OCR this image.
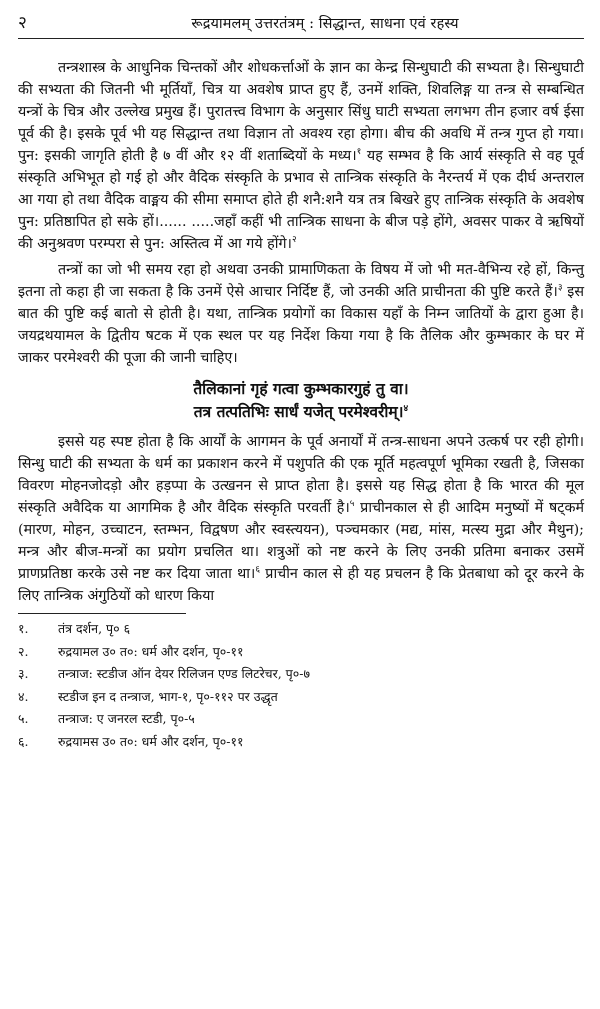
२	रूद्रयामलम् उत्तरतंत्रम् : सिद्धान्त, साधना एवं रहस्य

तन्त्रशास्त्र के आधुनिक चिन्तकों और शोधकर्त्ताओं के ज्ञान का केन्द्र सिन्धुघाटी की सभ्यता है। सिन्धुघाटी की सभ्यता की जितनी भी मूर्तियाँ, चित्र या अवशेष प्राप्त हुए हैं, उनमें शक्ति, शिवलिङ्ग या तन्त्र से सम्बन्धित यन्त्रों के चित्र और उल्लेख प्रमुख हैं। पुरातत्त्व विभाग के अनुसार सिंधु घाटी सभ्यता लगभग तीन हजार वर्ष ईसा पूर्व की है। इसके पूर्व भी यह सिद्धान्त तथा विज्ञान तो अवश्य रहा होगा। बीच की अवधि में तन्त्र गुप्त हो गया। पुन: इसकी जागृति होती है ७ वीं और १२ वीं शताब्दियों के मध्य।$^१$ यह सम्भव है कि आर्य संस्कृति से वह पूर्व संस्कृति अभिभूत हो गई हो और वैदिक संस्कृति के प्रभाव से तान्त्रिक संस्कृति के नैरन्तर्य में एक दीर्घ अन्तराल आ गया हो तथा वैदिक वाङ्मय की सीमा समाप्त होते ही शनै:शनै यत्र तत्र बिखरे हुए तान्त्रिक संस्कृति के अवशेष पुन: प्रतिष्ठापित हो सके हों।...... .....जहाँ कहीं भी तान्त्रिक साधना के बीज पड़े होंगे, अवसर पाकर वे ऋषियों की अनुश्रवण परम्परा से पुन: अस्तित्व में आ गये होंगे।$^२$

तन्त्रों का जो भी समय रहा हो अथवा उनकी प्रामाणिकता के विषय में जो भी मत-वैभिन्य रहे हों, किन्तु इतना तो कहा ही जा सकता है कि उनमें ऐसे आचार निर्दिष्ट हैं, जो उनकी अति प्राचीनता की पुष्टि करते हैं।$^३$ इस बात की पुष्टि कई बातो से होती है। यथा, तान्त्रिक प्रयोगों का विकास यहाँ के निम्न जातियों के द्वारा हुआ है। जयद्रथयामल के द्वितीय षटक में एक स्थल पर यह निर्देश किया गया है कि तैलिक और कुम्भकार के घर में जाकर परमेश्वरी की पूजा की जानी चाहिए।

तैलिकानां गृहं गत्वा कुम्भकारगुहं तु वा।
तत्र तत्पतिभिः सार्धं यजेत् परमेश्वरीम्।$^४$

इससे यह स्पष्ट होता है कि आर्यों के आगमन के पूर्व अनार्यों में तन्त्र-साधना अपने उत्कर्ष पर रही होगी। सिन्धु घाटी की सभ्यता के धर्म का प्रकाशन करने में पशुपति की एक मूर्ति महत्वपूर्ण भूमिका रखती है, जिसका विवरण मोहनजोदड़ो और हड़प्पा के उत्खनन से प्राप्त होता है। इससे यह सिद्ध होता है कि भारत की मूल संस्कृति अवैदिक या आगमिक है और वैदिक संस्कृति परवर्ती है।$^५$ प्राचीनकाल से ही आदिम मनुष्यों में षट्कर्म (मारण, मोहन, उच्चाटन, स्तम्भन, विद्वषण और स्वस्त्ययन), पञ्चमकार (मद्य, मांस, मत्स्य मुद्रा और मैथुन); मन्त्र और बीज-मन्त्रों का प्रयोग प्रचलित था। शत्रुओं को नष्ट करने के लिए उनकी प्रतिमा बनाकर उसमें प्राणप्रतिष्ठा करके उसे नष्ट कर दिया जाता था।$^६$ प्राचीन काल से ही यह प्रचलन है कि प्रेतबाधा को दूर करने के लिए तान्त्रिक अंगुठियों को धारण किया

१.	तंत्र दर्शन, पृ० ६
२.	रुद्रयामल उ० त०: धर्म और दर्शन, पृ०-११
३.	तन्त्राज: स्टडीज ऑन देयर रिलिजन एण्ड लिटरेचर, पृ०-७
४.	स्टडीज इन द तन्त्राज, भाग-१, पृ०-११२ पर उद्धृत
५.	तन्त्राज: ए जनरल स्टडी, पृ०-५
६.	रुद्रयामस उ० त०: धर्म और दर्शन, पृ०-११
